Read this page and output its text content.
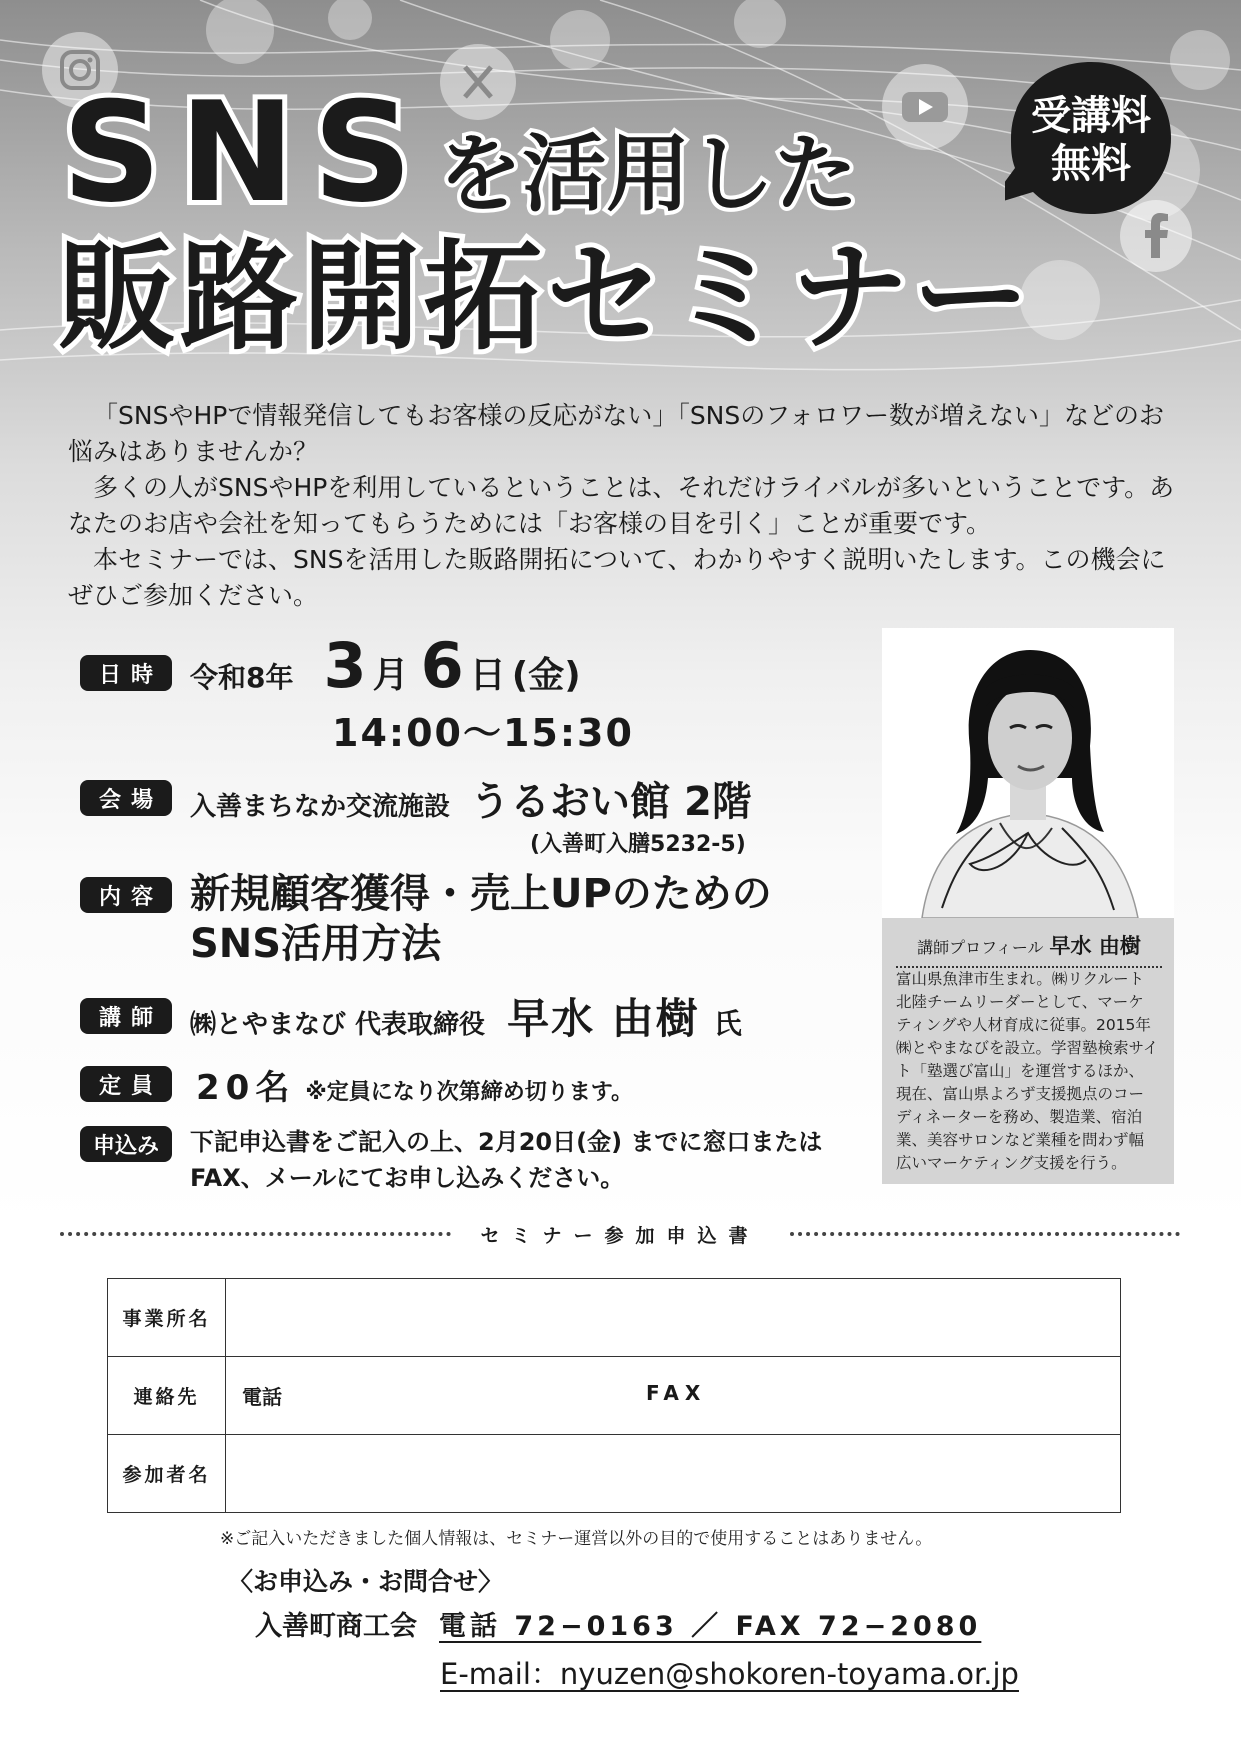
SNS を活用した
販路開拓セミナー
受講料
無料

「SNSやHPで情報発信してもお客様の反応がない」「SNSのフォロワー数が増えない」などのお悩みはありませんか？

多くの人がSNSやHPを利用しているということは、それだけライバルが多いということです。あなたのお店や会社を知ってもらうためには「お客様の目を引く」ことが重要です。

本セミナーでは、SNSを活用した販路開拓について、わかりやすく説明いたします。この機会にぜひご参加ください。

日時 令和8年 3 月 6 日 (金)
14:00〜15:30
会場	入善まちなか交流施設 うるおい館 2階
(入善町入膳5232-5)
内容 新規顧客獲得・売上UPのための
SNS活用方法
講師	㈱とやまなび 代表取締役 早水 由樹 氏
定員 20名 ※定員になり次第締め切ります。
申込み	下記申込書をご記入の上、2月20日(金) までに窓口または
FAX、メールにてお申し込みください。
講師プロフィール 早水 由樹
富山県魚津市生まれ。㈱リクルート
北陸チームリーダーとして、マーケ
ティングや人材育成に従事。2015年
㈱とやまなびを設立。学習塾検索サイ
ト「塾選び富山」を運営するほか、
現在、富山県よろず支援拠点のコー
ディネーターを務め、製造業、宿泊
業、美容サロンなど業種を問わず幅
広いマーケティング支援を行う。
セミナー参加申込書
事業所名	
連絡先	電話 FAX

参加者名	
※ご記入いただきました個人情報は、セミナー運営以外の目的で使用することはありません。
〈お申込み・お問合せ〉
入善町商工会 電話 72−0163 ／ FAX 72−2080
E-mail：nyuzen@shokoren-toyama.or.jp
